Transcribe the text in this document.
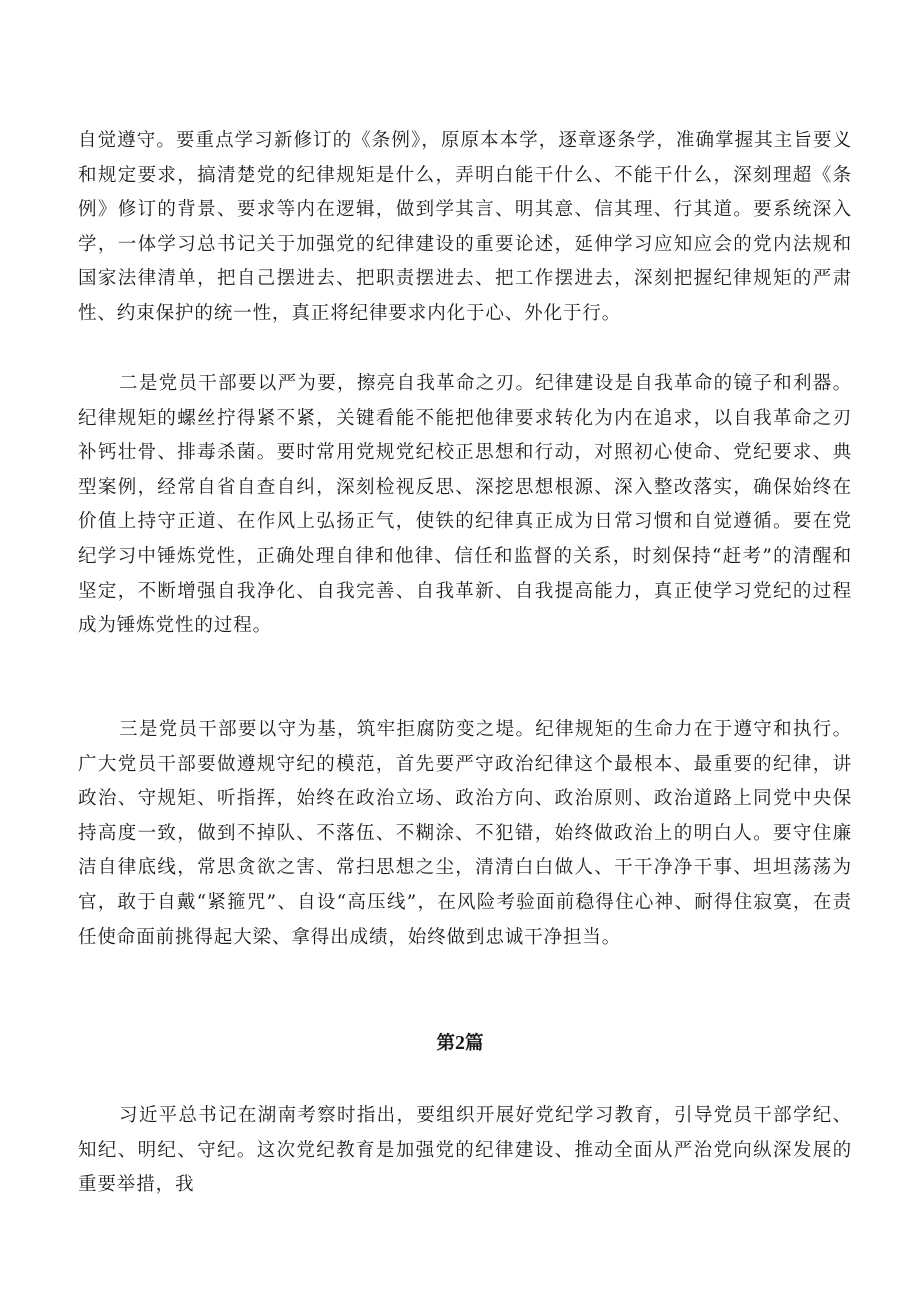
自觉遵守。要重点学习新修订的《条例》，原原本本学，逐章逐条学，准确掌握其主旨要义和规定要求，搞清楚党的纪律规矩是什么，弄明白能干什么、不能干什么，深刻理超《条例》修订的背景、要求等内在逻辑，做到学其言、明其意、信其理、行其道。要系统深入学，一体学习总书记关于加强党的纪律建设的重要论述，延伸学习应知应会的党内法规和国家法律清单，把自己摆进去、把职责摆进去、把工作摆进去，深刻把握纪律规矩的严肃性、约束保护的统一性，真正将纪律要求内化于心、外化于行。

二是党员干部要以严为要，擦亮自我革命之刃。纪律建设是自我革命的镜子和利器。纪律规矩的螺丝拧得紧不紧，关键看能不能把他律要求转化为内在追求，以自我革命之刃补钙壮骨、排毒杀菌。要时常用党规党纪校正思想和行动，对照初心使命、党纪要求、典型案例，经常自省自查自纠，深刻检视反思、深挖思想根源、深入整改落实，确保始终在价值上持守正道、在作风上弘扬正气，使铁的纪律真正成为日常习惯和自觉遵循。要在党纪学习中锤炼党性，正确处理自律和他律、信任和监督的关系，时刻保持“赶考”的清醒和坚定，不断增强自我净化、自我完善、自我革新、自我提高能力，真正使学习党纪的过程成为锤炼党性的过程。

三是党员干部要以守为基，筑牢拒腐防变之堤。纪律规矩的生命力在于遵守和执行。广大党员干部要做遵规守纪的模范，首先要严守政治纪律这个最根本、最重要的纪律，讲政治、守规矩、听指挥，始终在政治立场、政治方向、政治原则、政治道路上同党中央保持高度一致，做到不掉队、不落伍、不糊涂、不犯错，始终做政治上的明白人。要守住廉洁自律底线，常思贪欲之害、常扫思想之尘，清清白白做人、干干净净干事、坦坦荡荡为官，敢于自戴“紧箍咒”、自设“高压线”，在风险考验面前稳得住心神、耐得住寂寞，在责任使命面前挑得起大梁、拿得出成绩，始终做到忠诚干净担当。

第2篇

习近平总书记在湖南考察时指出，要组织开展好党纪学习教育，引导党员干部学纪、知纪、明纪、守纪。这次党纪教育是加强党的纪律建设、推动全面从严治党向纵深发展的重要举措，我
